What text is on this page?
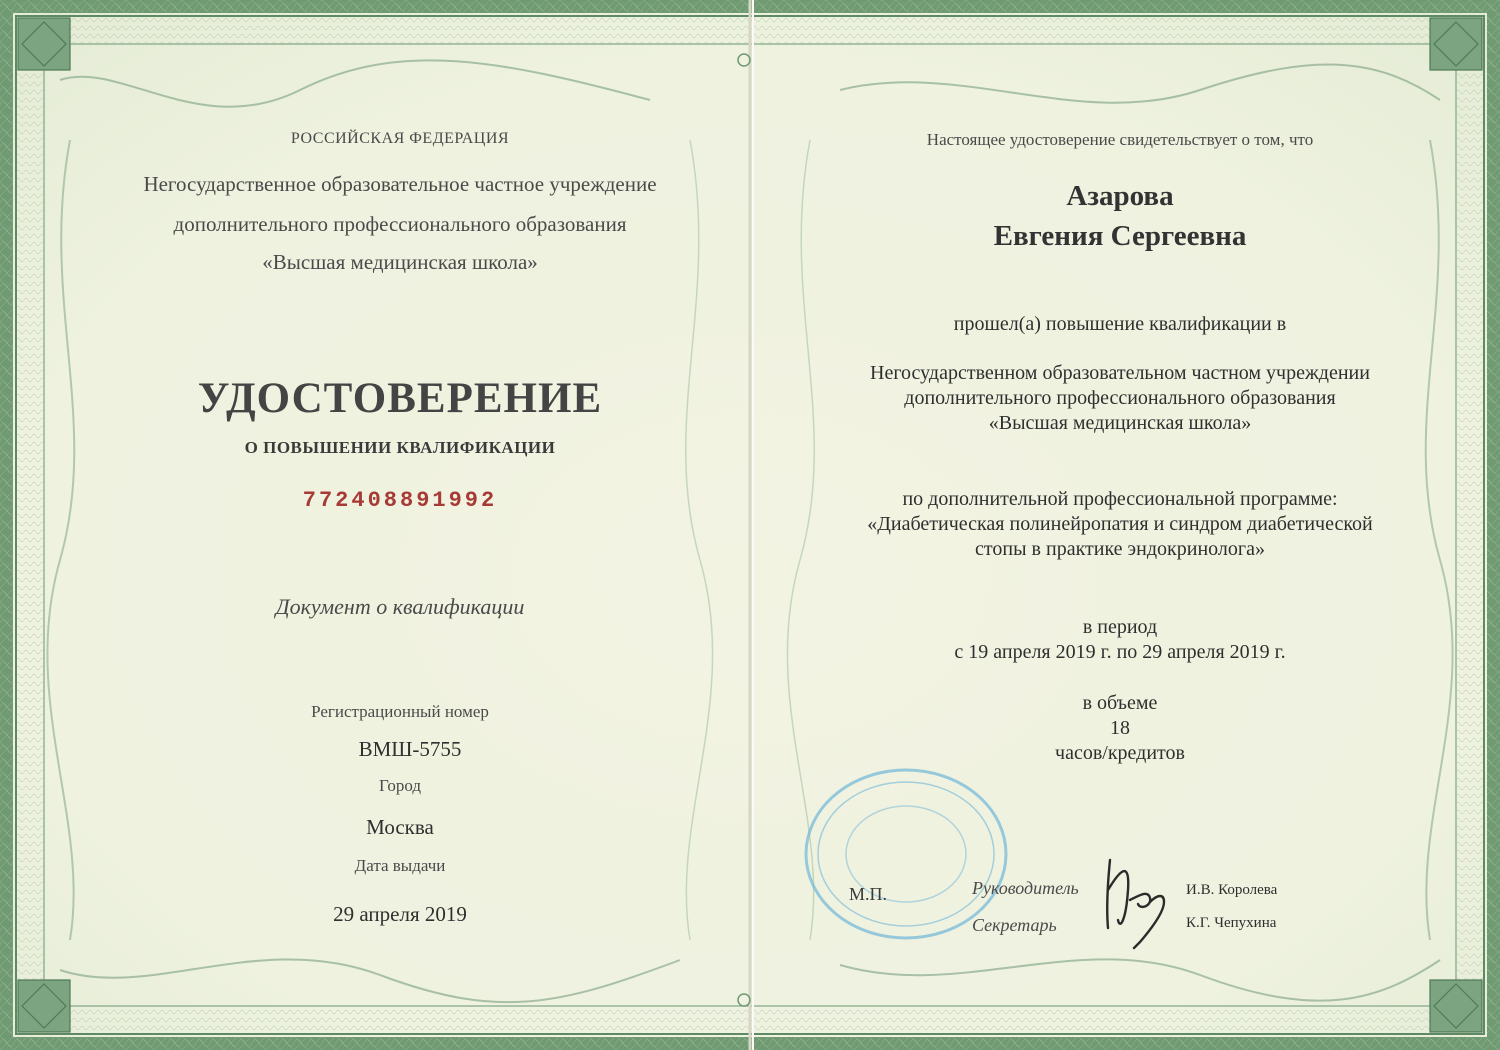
РОССИЙСКАЯ ФЕДЕРАЦИЯ
Негосударственное образовательное частное учреждение
дополнительного профессионального образования
«Высшая медицинская школа»
УДОСТОВЕРЕНИЕ
О ПОВЫШЕНИИ КВАЛИФИКАЦИИ
772408891992
Документ о квалификации
Регистрационный номер
ВМШ-5755
Город
Москва
Дата выдачи
29 апреля 2019
Настоящее удостоверение свидетельствует о том, что
Азарова
Евгения Сергеевна
прошел(а) повышение квалификации в
Негосударственном образовательном частном учреждении
дополнительного профессионального образования
«Высшая медицинская школа»
по дополнительной профессиональной программе:
«Диабетическая полинейропатия и синдром диабетической
стопы в практике эндокринолога»
в период
с 19 апреля 2019 г. по 29 апреля 2019 г.
в объеме
18
часов/кредитов
М.П.	Руководитель
Секретарь
И.В. Королева
К.Г. Чепухина
